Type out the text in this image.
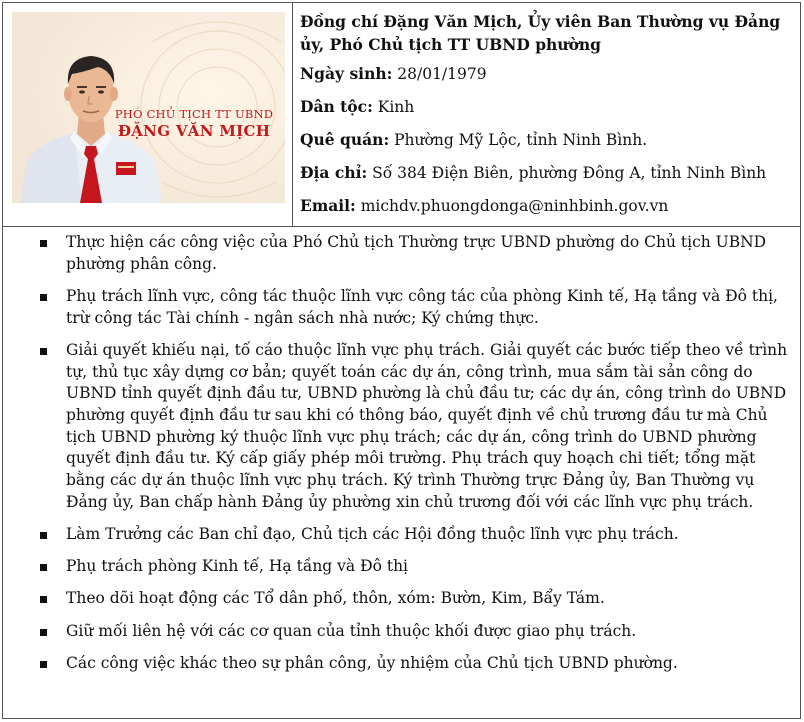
PHÓ CHỦ TỊCH TT UBND
ĐẶNG VĂN MỊCH
Đồng chí Đặng Văn Mịch, Ủy viên Ban Thường vụ Đảng ủy, Phó Chủ tịch TT UBND phường
Ngày sinh: 28/01/1979
Dân tộc: Kinh
Quê quán: Phường Mỹ Lộc, tỉnh Ninh Bình.
Địa chỉ: Số 384 Điện Biên, phường Đông A, tỉnh Ninh Bình
Email: michdv.phuongdonga@ninhbinh.gov.vn
Thực hiện các công việc của Phó Chủ tịch Thường trực UBND phường do Chủ tịch UBND phường phân công.
Phụ trách lĩnh vực, công tác thuộc lĩnh vực công tác của phòng Kinh tế, Hạ tầng và Đô thị, trừ công tác Tài chính - ngân sách nhà nước; Ký chứng thực.
Giải quyết khiếu nại, tố cáo thuộc lĩnh vực phụ trách. Giải quyết các bước tiếp theo về trình tự, thủ tục xây dựng cơ bản; quyết toán các dự án, công trình, mua sắm tài sản công do UBND tỉnh quyết định đầu tư, UBND phường là chủ đầu tư; các dự án, công trình do UBND phường quyết định đầu tư sau khi có thông báo, quyết định về chủ trương đầu tư mà Chủ tịch UBND phường ký thuộc lĩnh vực phụ trách; các dự án, công trình do UBND phường quyết định đầu tư. Ký cấp giấy phép môi trường. Phụ trách quy hoạch chi tiết; tổng mặt bằng các dự án thuộc lĩnh vực phụ trách. Ký trình Thường trực Đảng ủy, Ban Thường vụ Đảng ủy, Ban chấp hành Đảng ủy phường xin chủ trương đối với các lĩnh vực phụ trách.
Làm Trưởng các Ban chỉ đạo, Chủ tịch các Hội đồng thuộc lĩnh vực phụ trách.
Phụ trách phòng Kinh tế, Hạ tầng và Đô thị
Theo dõi hoạt động các Tổ dân phố, thôn, xóm: Bườn, Kim, Bẩy Tám.
Giữ mối liên hệ với các cơ quan của tỉnh thuộc khối được giao phụ trách.
Các công việc khác theo sự phân công, ủy nhiệm của Chủ tịch UBND phường.
